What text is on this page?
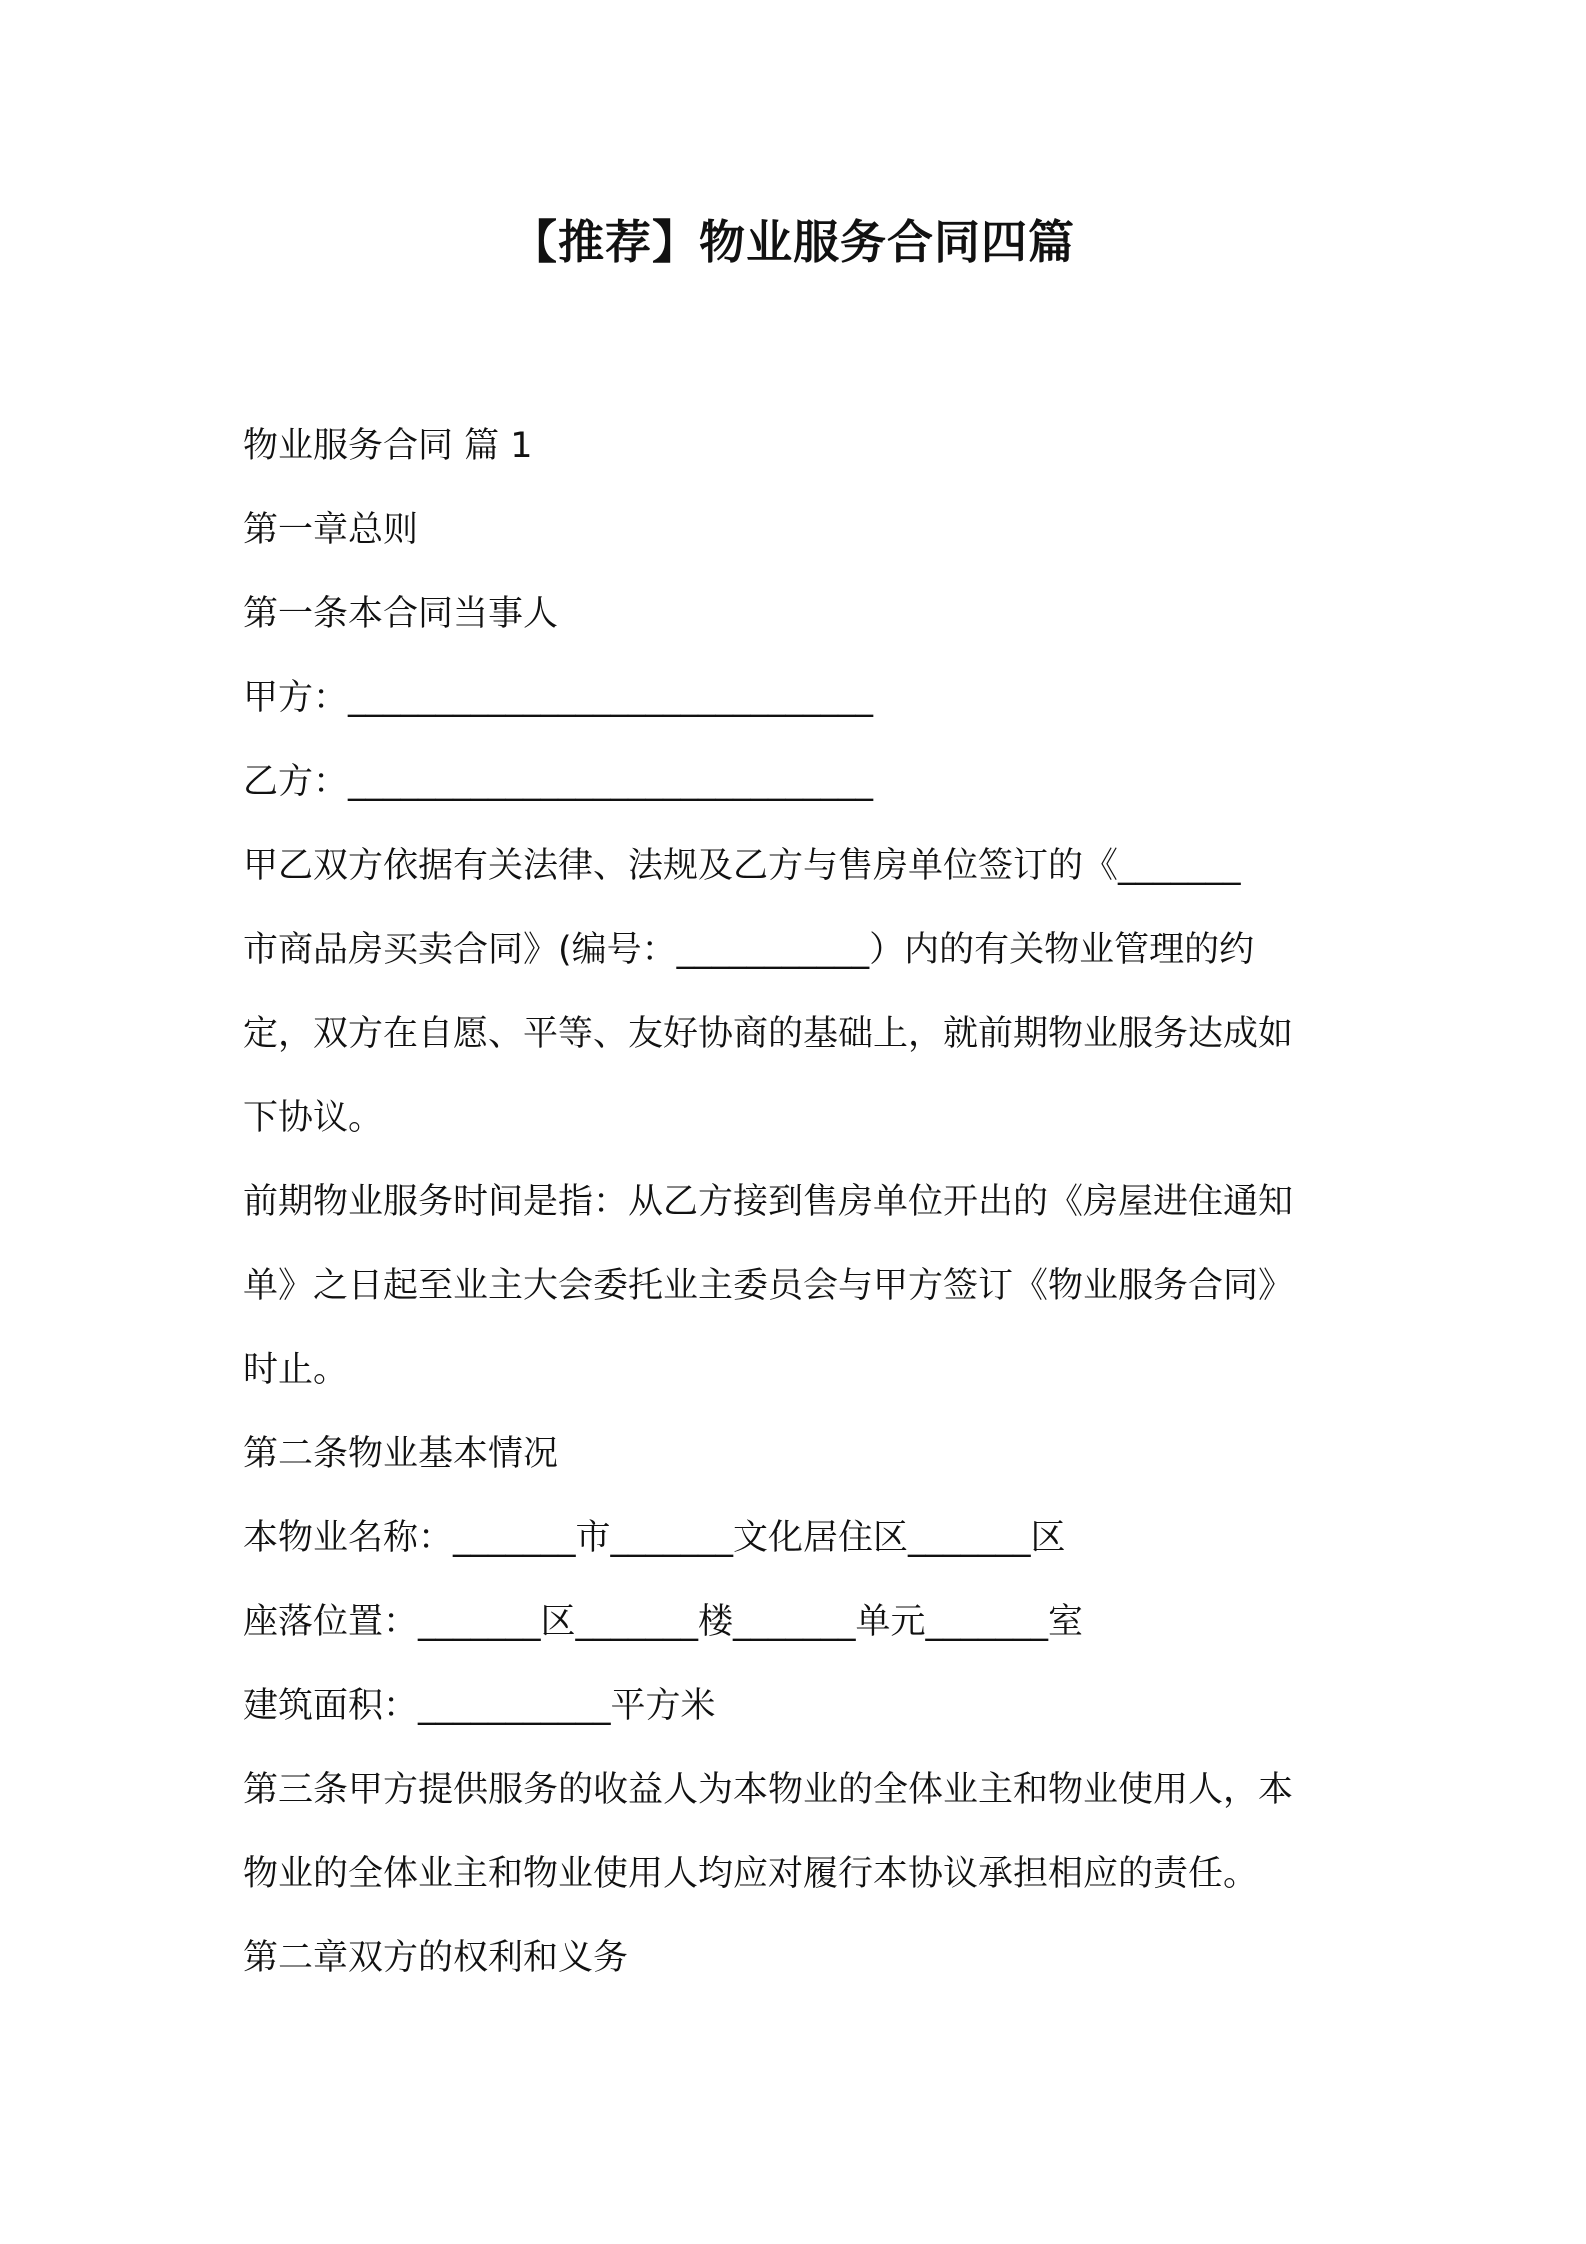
【推荐】物业服务合同四篇
物业服务合同 篇 1
第一章总则
第一条本合同当事人
甲方：______________________________
乙方：______________________________
甲乙双方依据有关法律、法规及乙方与售房单位签订的《_______
市商品房买卖合同》(编号：___________）内的有关物业管理的约
定，双方在自愿、平等、友好协商的基础上，就前期物业服务达成如
下协议。
前期物业服务时间是指：从乙方接到售房单位开出的《房屋进住通知
单》之日起至业主大会委托业主委员会与甲方签订《物业服务合同》
时止。
第二条物业基本情况
本物业名称：_______市_______文化居住区_______区
座落位置：_______区_______楼_______单元_______室
建筑面积：___________平方米
第三条甲方提供服务的收益人为本物业的全体业主和物业使用人，本
物业的全体业主和物业使用人均应对履行本协议承担相应的责任。
第二章双方的权利和义务
